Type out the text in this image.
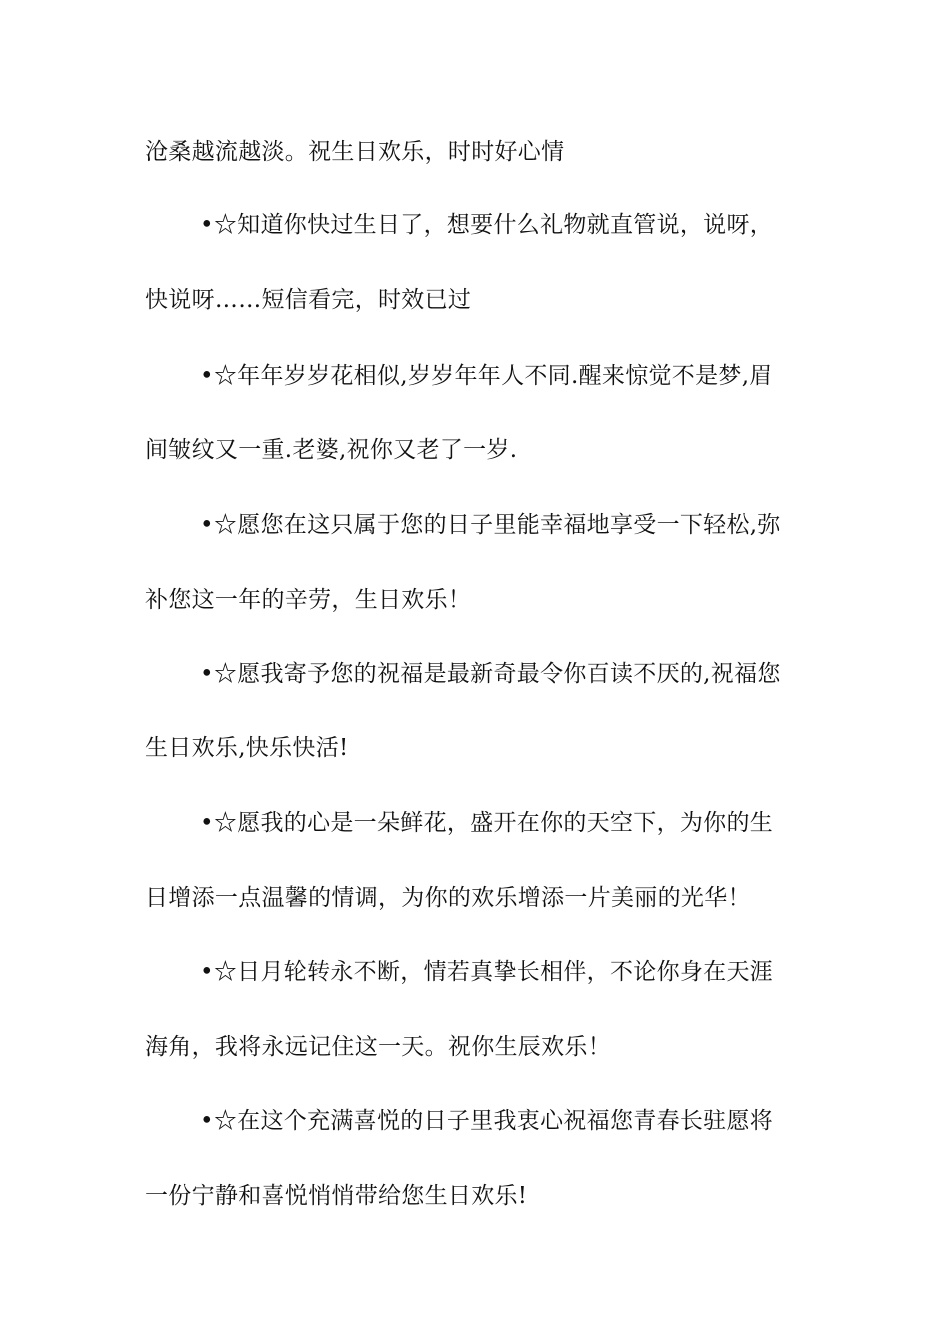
沧桑越流越淡。祝生日欢乐，时时好心情
•☆知道你快过生日了，想要什么礼物就直管说，说呀，
快说呀……短信看完，时效已过
•☆年年岁岁花相似,岁岁年年人不同.醒来惊觉不是梦,眉
间皱纹又一重.老婆,祝你又老了一岁.
•☆愿您在这只属于您的日子里能幸福地享受一下轻松,弥
补您这一年的辛劳，生日欢乐！
•☆愿我寄予您的祝福是最新奇最令你百读不厌的,祝福您
生日欢乐,快乐快活!
•☆愿我的心是一朵鲜花，盛开在你的天空下，为你的生
日增添一点温馨的情调，为你的欢乐增添一片美丽的光华！
•☆日月轮转永不断，情若真挚长相伴，不论你身在天涯
海角，我将永远记住这一天。祝你生辰欢乐！
•☆在这个充满喜悦的日子里我衷心祝福您青春长驻愿将
一份宁静和喜悦悄悄带给您生日欢乐!
